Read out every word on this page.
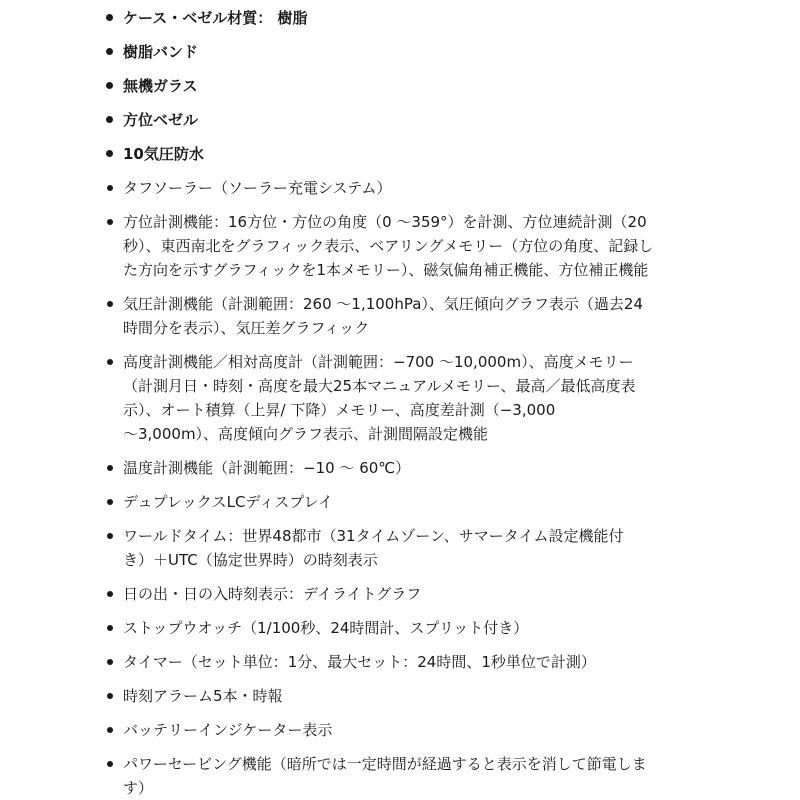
ケース・ベゼル材質： 樹脂
樹脂バンド
無機ガラス
方位ベゼル
10気圧防水
タフソーラー（ソーラー充電システム）
方位計測機能：16方位・方位の角度（0 〜359°）を計測、方位連続計測（20
秒）、東西南北をグラフィック表示、ベアリングメモリー（方位の角度、記録し
た方向を示すグラフィックを1本メモリー）、磁気偏角補正機能、方位補正機能
気圧計測機能（計測範囲：260 〜1,100hPa）、気圧傾向グラフ表示（過去24
時間分を表示）、気圧差グラフィック
高度計測機能／相対高度計（計測範囲：−700 〜10,000m）、高度メモリー
（計測月日・時刻・高度を最大25本マニュアルメモリー、最高／最低高度表
示）、オート積算（上昇/ 下降）メモリー、高度差計測（−3,000
〜3,000m）、高度傾向グラフ表示、計測間隔設定機能
温度計測機能（計測範囲：−10 〜 60℃）
デュプレックスLCディスプレイ
ワールドタイム：世界48都市（31タイムゾーン、サマータイム設定機能付
き）＋UTC（協定世界時）の時刻表示
日の出・日の入時刻表示：デイライトグラフ
ストップウオッチ（1/100秒、24時間計、スプリット付き）
タイマー（セット単位：1分、最大セット：24時間、1秒単位で計測）
時刻アラーム5本・時報
バッテリーインジケーター表示
パワーセービング機能（暗所では一定時間が経過すると表示を消して節電しま
す）
